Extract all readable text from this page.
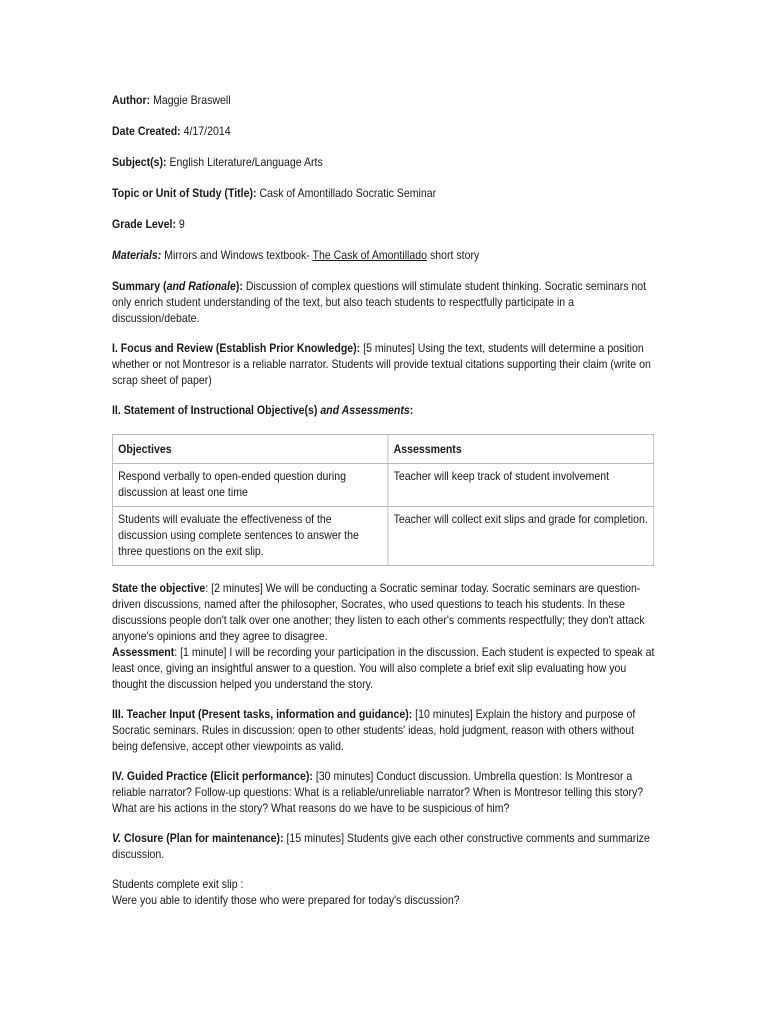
Author: Maggie Braswell

Date Created: 4/17/2014

Subject(s): English Literature/Language Arts

Topic or Unit of Study (Title): Cask of Amontillado Socratic Seminar

Grade Level: 9

Materials: Mirrors and Windows textbook- The Cask of Amontillado short story

Summary (and Rationale): Discussion of complex questions will stimulate student thinking. Socratic seminars not only enrich student understanding of the text, but also teach students to respectfully participate in a discussion/debate.

I. Focus and Review (Establish Prior Knowledge): [5 minutes] Using the text, students will determine a position whether or not Montresor is a reliable narrator. Students will provide textual citations supporting their claim (write on scrap sheet of paper)

II. Statement of Instructional Objective(s) and Assessments:

Objectives	Assessments
Respond verbally to open-ended question during discussion at least one time	Teacher will keep track of student involvement
Students will evaluate the effectiveness of the discussion using complete sentences to answer the three questions on the exit slip.	Teacher will collect exit slips and grade for completion.

State the objective: [2 minutes] We will be conducting a Socratic seminar today. Socratic seminars are question-driven discussions, named after the philosopher, Socrates, who used questions to teach his students. In these discussions people don't talk over one another; they listen to each other's comments respectfully; they don't attack anyone's opinions and they agree to disagree.

Assessment: [1 minute] I will be recording your participation in the discussion. Each student is expected to speak at least once, giving an insightful answer to a question. You will also complete a brief exit slip evaluating how you thought the discussion helped you understand the story.

III. Teacher Input (Present tasks, information and guidance): [10 minutes] Explain the history and purpose of Socratic seminars. Rules in discussion: open to other students' ideas, hold judgment, reason with others without being defensive, accept other viewpoints as valid.

IV. Guided Practice (Elicit performance): [30 minutes] Conduct discussion. Umbrella question: Is Montresor a reliable narrator? Follow-up questions: What is a reliable/unreliable narrator? When is Montresor telling this story? What are his actions in the story? What reasons do we have to be suspicious of him?

V. Closure (Plan for maintenance): [15 minutes] Students give each other constructive comments and summarize discussion.

Students complete exit slip :

Were you able to identify those who were prepared for today's discussion?
